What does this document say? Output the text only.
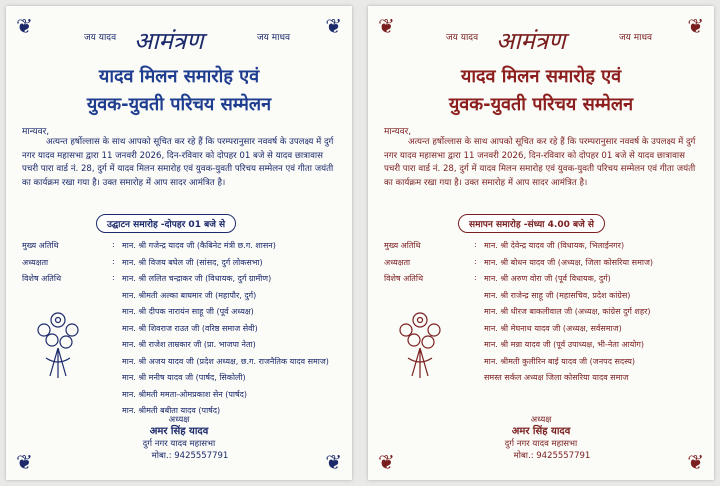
❦	❦
❦	❦
जय यादव आमंत्रण	जय माधव
यादव मिलन समारोह एवं
युवक-युवती परिचय सम्मेलन
मान्यवर,
अत्यन्त हर्षोल्लास के साथ आपको सूचित कर रहे हैं कि परम्परानुसार नववर्ष के उपलक्ष्य में दुर्ग नगर यादव महासभा द्वारा 11 जनवरी 2026, दिन-रविवार को दोपहर 01 बजे से यादव छात्रावास पचरी पारा वार्ड नं. 28, दुर्ग में यादव मिलन समारोह एवं युवक-युवती परिचय सम्मेलन एवं गीता जयंती का कार्यक्रम रखा गया है। उक्त समारोह में आप सादर आमंत्रित है।
उद्घाटन समारोह -दोपहर 01 बजे से
मुख्य अतिथि	: मान. श्री गजेन्द्र यादव जी (कैबिनेट मंत्री छ.ग. शासन)
अध्यक्षता	: मान. श्री विजय बघेल जी (सांसद, दुर्ग लोकसभा)
विशेष अतिथि	: मान. श्री ललित चन्द्राकर जी (विधायक, दुर्ग ग्रामीण)
मान. श्रीमती अल्का बाघमार जी (महापौर, दुर्ग)
मान. श्री दीपक नारायंन साहू जी (पूर्व अध्यक्ष)
मान. श्री शिवराज राउत जी (वरिष्ठ समाज सेवी)
मान. श्री राजेश ताम्रकार जी (प्रा. भाजपा नेता)
मान. श्री अजय यादव जी (प्रदेश अध्यक्ष, छ.ग. राजनैतिक यादव समाज)
मान. श्री मनीष यादव जी (पार्षद, सिकोली)
मान. श्रीमती ममता-ओमप्रकाश सेन (पार्षद)
मान. श्रीमती बबीता यादव (पार्षद)
अध्यक्ष
अमर सिंह यादव
दुर्ग नगर यादव महासभा
मोबा.: 9425557791
❦	❦
❦	❦
जय यादव आमंत्रण	जय माधव
यादव मिलन समारोह एवं
युवक-युवती परिचय सम्मेलन
मान्यवर,
अत्यन्त हर्षोल्लास के साथ आपको सूचित कर रहे हैं कि परम्परानुसार नववर्ष के उपलक्ष्य में दुर्ग नगर यादव महासभा द्वारा 11 जनवरी 2026, दिन-रविवार को दोपहर 01 बजे से यादव छात्रावास पचरी पारा वार्ड नं. 28, दुर्ग में यादव मिलन समारोह एवं युवक-युवती परिचय सम्मेलन एवं गीता जयंती का कार्यक्रम रखा गया है। उक्त समारोह में आप सादर आमंत्रित है।
समापन समारोह -संध्या 4.00 बजे से
मुख्य अतिथि	: मान. श्री देवेन्द्र यादव जी (विधायक, भिलाईनगर)
अध्यक्षता	: मान. श्री बोधन यादव जी (अध्यक्ष, जिला कोसरिया समाज)
विशेष अतिथि	: मान. श्री अरुण वोरा जी (पूर्व विधायक, दुर्ग)
मान. श्री राजेन्द्र साहू जी (महासचिव, प्रदेश कांग्रेस)
मान. श्री धीरज बाकलीवाल जी (अध्यक्ष, कांग्रेस दुर्ग शहर)
मान. श्री मेघनाथ यादव जी (अध्यक्ष, सर्वसमाज)
मान. श्री मन्ना यादव जी (पूर्व उपाध्यक्ष, भी-नेता आयोग)
मान. श्रीमती कुलीरिन बाई यादव जी (जनपद सदस्य)
समस्त सर्कल अध्यक्ष जिला कोसरिया यादव समाज
अध्यक्ष
अमर सिंह यादव
दुर्ग नगर यादव महासभा
मोबा.: 9425557791
